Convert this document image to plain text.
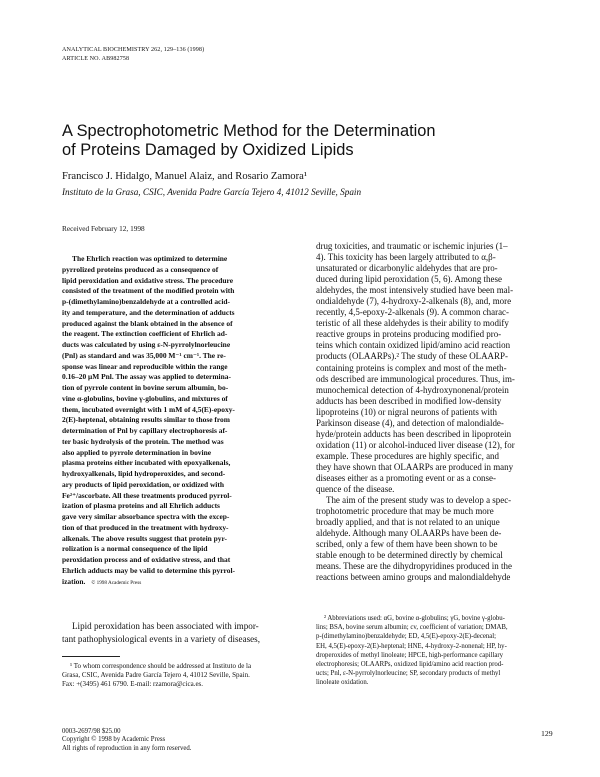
ANALYTICAL BIOCHEMISTRY 262, 129–136 (1998)
ARTICLE NO. AB982758
A Spectrophotometric Method for the Determination
of Proteins Damaged by Oxidized Lipids
Francisco J. Hidalgo, Manuel Alaiz, and Rosario Zamora¹
Instituto de la Grasa, CSIC, Avenida Padre García Tejero 4, 41012 Seville, Spain
Received February 12, 1998
The Ehrlich reaction was optimized to determine
pyrrolized proteins produced as a consequence of
lipid peroxidation and oxidative stress. The procedure
consisted of the treatment of the modified protein with
p-(dimethylamino)benzaldehyde at a controlled acid-
ity and temperature, and the determination of adducts
produced against the blank obtained in the absence of
the reagent. The extinction coefficient of Ehrlich ad-
ducts was calculated by using ε-N-pyrrolylnorleucine
(Pnl) as standard and was 35,000 M⁻¹ cm⁻¹. The re-
sponse was linear and reproducible within the range
0.16–20 μM Pnl. The assay was applied to determina-
tion of pyrrole content in bovine serum albumin, bo-
vine α-globulins, bovine γ-globulins, and mixtures of
them, incubated overnight with 1 mM of 4,5(E)-epoxy-
2(E)-heptenal, obtaining results similar to those from
determination of Pnl by capillary electrophoresis af-
ter basic hydrolysis of the protein. The method was
also applied to pyrrole determination in bovine
plasma proteins either incubated with epoxyalkenals,
hydroxyalkenals, lipid hydroperoxides, and second-
ary products of lipid peroxidation, or oxidized with
Fe²⁺/ascorbate. All these treatments produced pyrrol-
ization of plasma proteins and all Ehrlich adducts
gave very similar absorbance spectra with the excep-
tion of that produced in the treatment with hydroxy-
alkenals. The above results suggest that protein pyr-
rolization is a normal consequence of the lipid
peroxidation process and of oxidative stress, and that
Ehrlich adducts may be valid to determine this pyrrol-
ization. © 1998 Academic Press
Lipid peroxidation has been associated with impor-
tant pathophysiological events in a variety of diseases,
¹ To whom correspondence should be addressed at Instituto de la
Grasa, CSIC, Avenida Padre García Tejero 4, 41012 Seville, Spain.
Fax: +(3495) 461 6790. E-mail: rzamora@cica.es.
0003-2697/98 $25.00
Copyright © 1998 by Academic Press
All rights of reproduction in any form reserved.
drug toxicities, and traumatic or ischemic injuries (1–
4). This toxicity has been largely attributed to α,β-
unsaturated or dicarbonylic aldehydes that are pro-
duced during lipid peroxidation (5, 6). Among these
aldehydes, the most intensively studied have been mal-
ondialdehyde (7), 4-hydroxy-2-alkenals (8), and, more
recently, 4,5-epoxy-2-alkenals (9). A common charac-
teristic of all these aldehydes is their ability to modify
reactive groups in proteins producing modified pro-
teins which contain oxidized lipid/amino acid reaction
products (OLAARPs).² The study of these OLAARP-
containing proteins is complex and most of the meth-
ods described are immunological procedures. Thus, im-
munochemical detection of 4-hydroxynonenal/protein
adducts has been described in modified low-density
lipoproteins (10) or nigral neurons of patients with
Parkinson disease (4), and detection of malondialde-
hyde/protein adducts has been described in lipoprotein
oxidation (11) or alcohol-induced liver disease (12), for
example. These procedures are highly specific, and
they have shown that OLAARPs are produced in many
diseases either as a promoting event or as a conse-
quence of the disease.
The aim of the present study was to develop a spec-
trophotometric procedure that may be much more
broadly applied, and that is not related to an unique
aldehyde. Although many OLAARPs have been de-
scribed, only a few of them have been shown to be
stable enough to be determined directly by chemical
means. These are the dihydropyridines produced in the
reactions between amino groups and malondialdehyde
² Abbreviations used: αG, bovine α-globulins; γG, bovine γ-globu-
lins; BSA, bovine serum albumin; cv, coefficient of variation; DMAB,
p-(dimethylamino)benzaldehyde; ED, 4,5(E)-epoxy-2(E)-decenal;
EH, 4,5(E)-epoxy-2(E)-heptenal; HNE, 4-hydroxy-2-nonenal; HP, hy-
droperoxides of methyl linoleate; HPCE, high-performance capillary
electrophoresis; OLAARPs, oxidized lipid/amino acid reaction prod-
ucts; Pnl, ε-N-pyrrolylnorleucine; SP, secondary products of methyl
linoleate oxidation.
129
